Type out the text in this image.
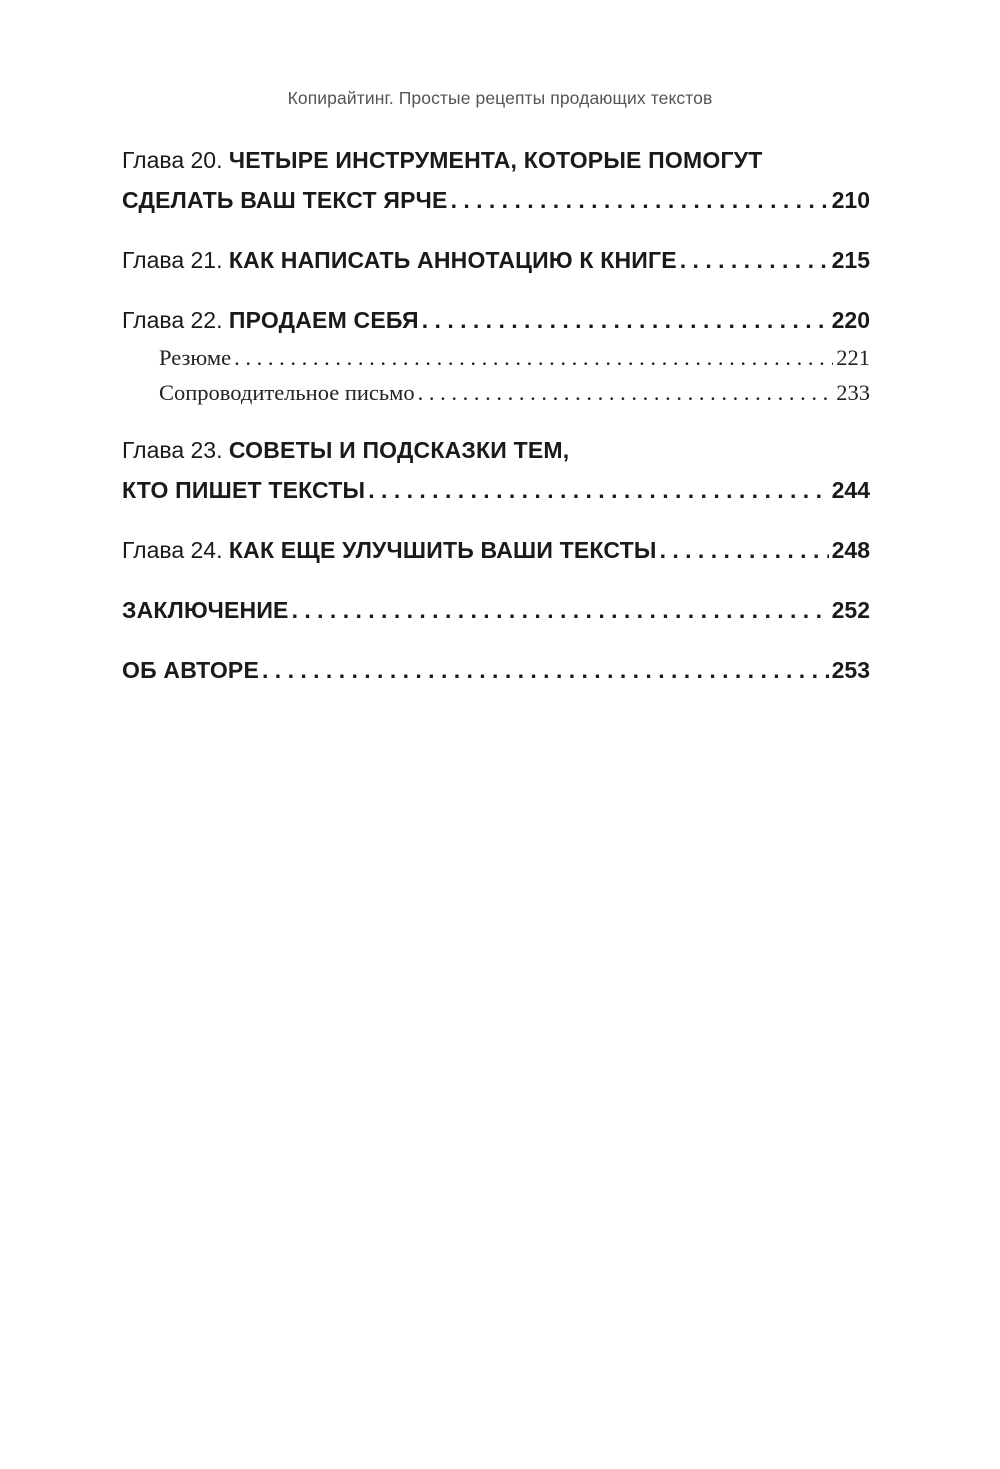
Копирайтинг. Простые рецепты продающих текстов
Глава 20.
ЧЕТЫРЕ ИНСТРУМЕНТА, КОТОРЫЕ ПОМОГУТ
СДЕЛАТЬ ВАШ ТЕКСТ ЯРЧЕ . . .	210
Глава 21.
КАК НАПИСАТЬ АННОТАЦИЮ К КНИГЕ . . .	215
Глава 22.
ПРОДАЕМ СЕБЯ . . .	220
Резюме . . .	221
Сопроводительное письмо . . .	233
Глава 23.
СОВЕТЫ И ПОДСКАЗКИ ТЕМ,
КТО ПИШЕТ ТЕКСТЫ . . .	244
Глава 24.
КАК ЕЩЕ УЛУЧШИТЬ ВАШИ ТЕКСТЫ . . .	248
ЗАКЛЮЧЕНИЕ . . .	252
ОБ АВТОРЕ . . .	253
